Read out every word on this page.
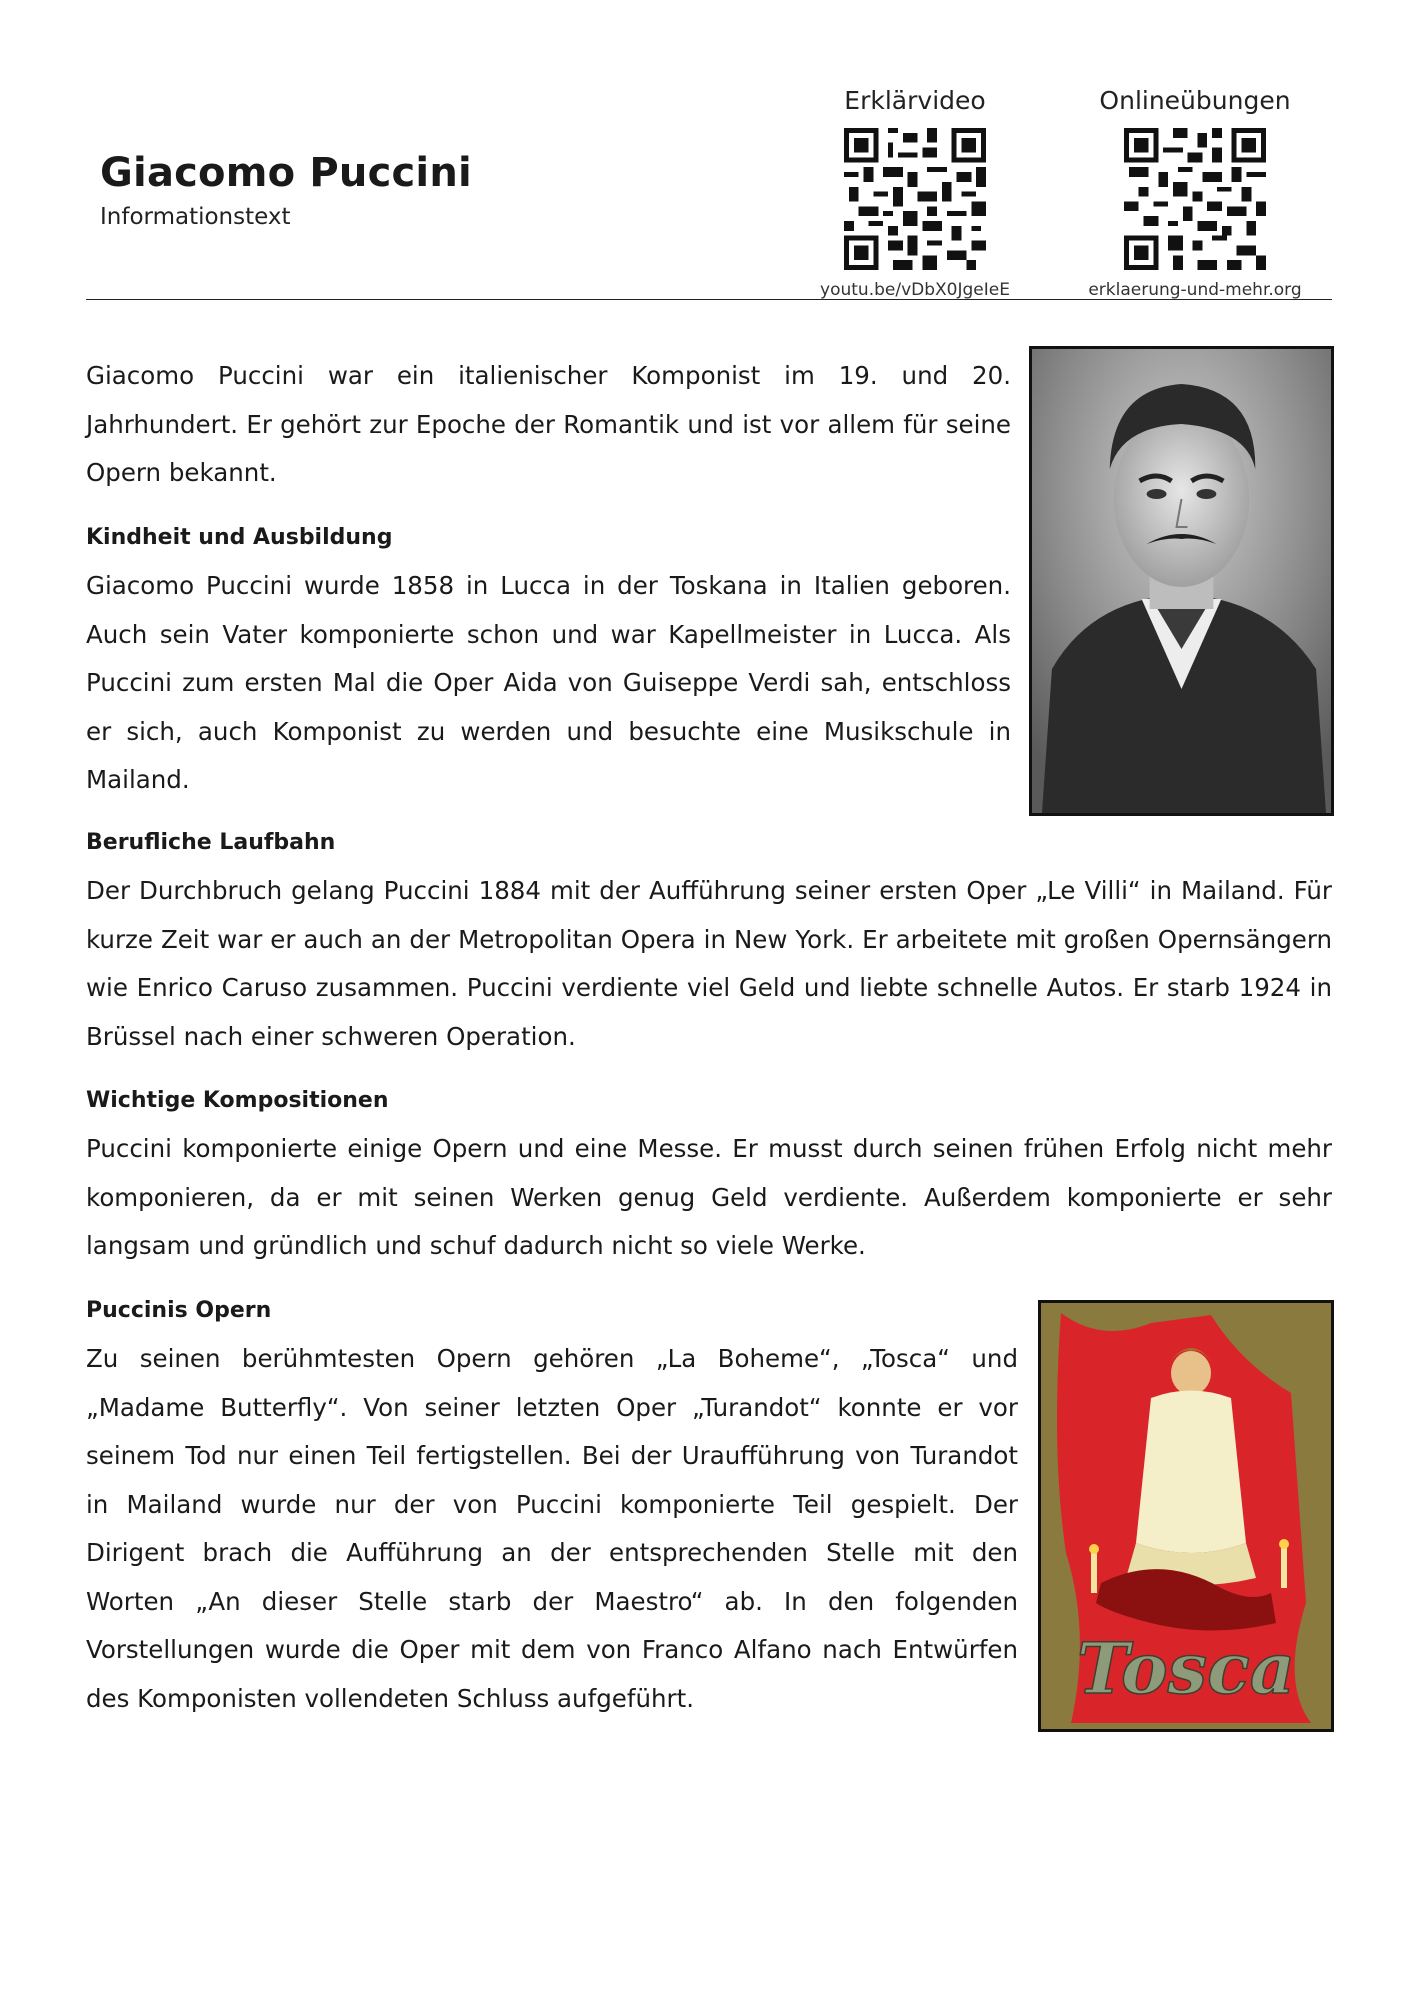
Giacomo Puccini
Informationstext
Erklärvideo
youtu.be/vDbX0JgeIeE
Onlineübungen
erklaerung-und-mehr.org
Giacomo Puccini war ein italienischer Komponist im 19. und 20. Jahrhundert. Er gehört zur Epoche der Romantik und ist vor allem für seine Opern bekannt.
Kindheit und Ausbildung
Giacomo Puccini wurde 1858 in Lucca in der Toskana in Italien geboren. Auch sein Vater komponierte schon und war Kapellmeister in Lucca. Als Puccini zum ersten Mal die Oper Aida von Guiseppe Verdi sah, entschloss er sich, auch Komponist zu werden und besuchte eine Musikschule in Mailand.
Berufliche Laufbahn
Der Durchbruch gelang Puccini 1884 mit der Aufführung seiner ersten Oper „Le Villi“ in Mailand. Für kurze Zeit war er auch an der Metropolitan Opera in New York. Er arbeitete mit großen Opernsängern wie Enrico Caruso zusammen. Puccini verdiente viel Geld und liebte schnelle Autos. Er starb 1924 in Brüssel nach einer schweren Operation.
Wichtige Kompositionen
Puccini komponierte einige Opern und eine Messe. Er musst durch seinen frühen Erfolg nicht mehr komponieren, da er mit seinen Werken genug Geld verdiente. Außerdem komponierte er sehr langsam und gründlich und schuf dadurch nicht so viele Werke.
Puccinis Opern
Zu seinen berühmtesten Opern gehören „La Boheme“, „Tosca“ und „Madame Butterfly“. Von seiner letzten Oper „Turandot“ konnte er vor seinem Tod nur einen Teil fertigstellen. Bei der Uraufführung von Turandot in Mailand wurde nur der von Puccini komponierte Teil gespielt. Der Dirigent brach die Aufführung an der entsprechenden Stelle mit den Worten „An dieser Stelle starb der Maestro“ ab. In den folgenden Vorstellungen wurde die Oper mit dem von Franco Alfano nach Entwürfen des Komponisten vollendeten Schluss aufgeführt.	Tosca
